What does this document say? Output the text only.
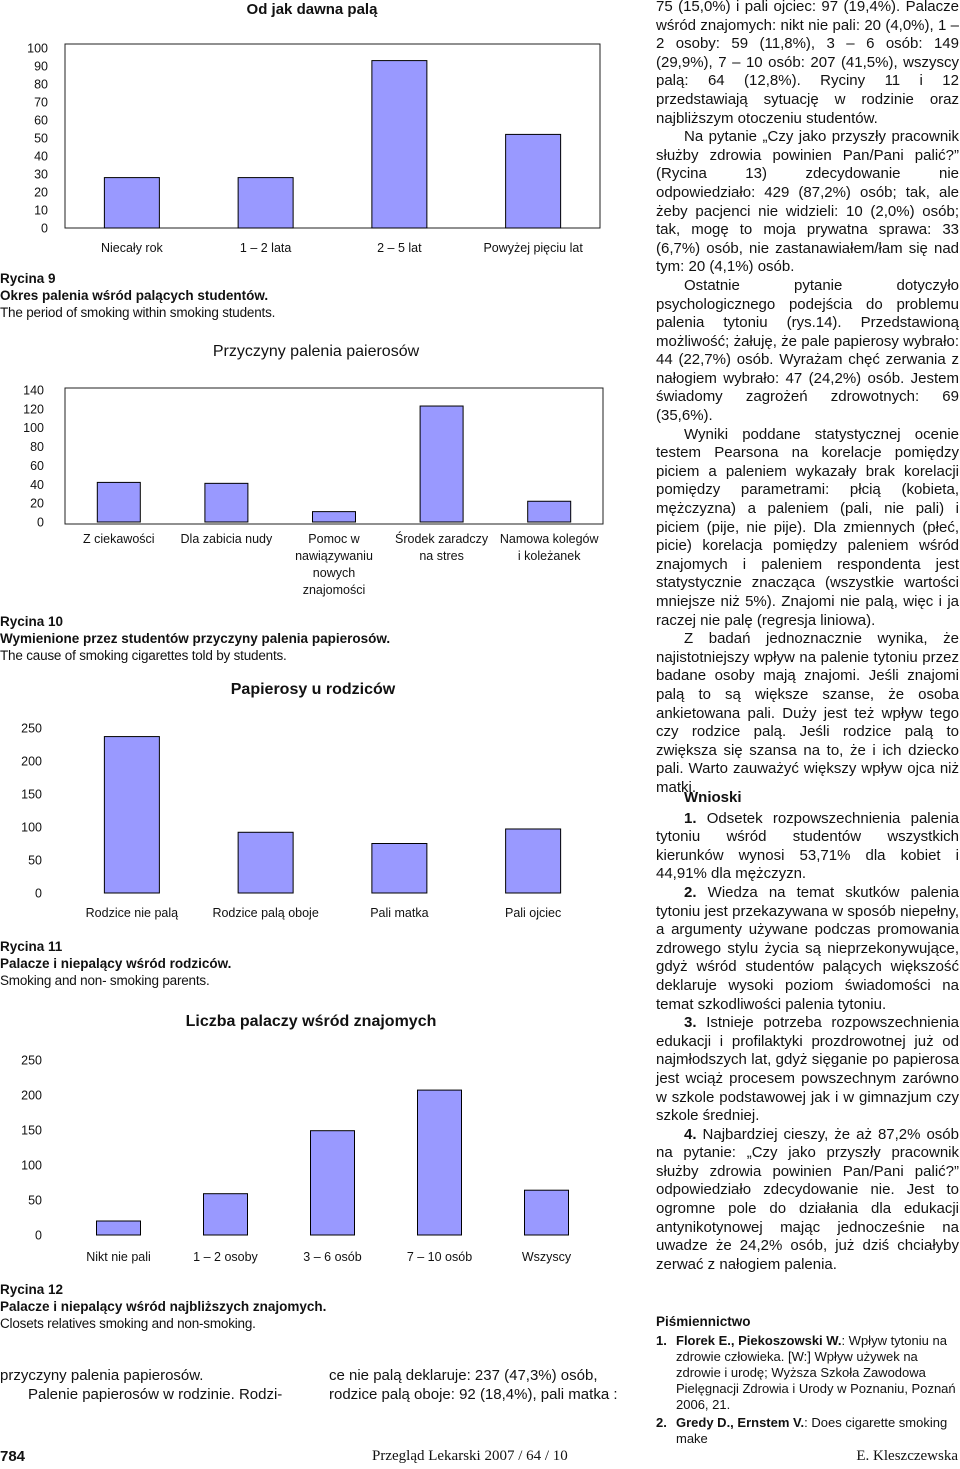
Od jak dawna palą
0
10
20
30
40
50
60
70
80
90
100
Niecały rok	1 – 2 lata	2 – 5 lat	Powyżej pięciu lat
Rycina 9
Okres palenia wśród palących studentów.
The period of smoking within smoking students.
Przyczyny palenia paierosów
0
20
40
60
80
100
120
140
Z ciekawości Dla zabicia nudy	Pomoc w
nawiązywaniu
nowych
znajomości
Środek zaradczy
na stres
Namowa kolegów
i koleżanek
Rycina 10
Wymienione przez studentów przyczyny palenia papierosów.
The cause of smoking cigarettes told by students.
Papierosy u rodziców
0
50
100
150
200
250
Rodzice nie palą	Rodzice palą oboje	Pali matka	Pali ojciec
Rycina 11
Palacze i niepalący wśród rodziców.
Smoking and non- smoking parents.
Liczba palaczy wśród znajomych
0
50
100
150
200
250
Nikt nie pali	1 – 2 osoby	3 – 6 osób	7 – 10 osób	Wszyscy
Rycina 12
Palacze i niepalący wśród najbliższych znajomych.
Closets relatives smoking and non-smoking.
przyczyny palenia papierosów.
Palenie papierosów w rodzinie. Rodzi-
ce nie palą deklaruje: 237 (47,3%) osób,
rodzice palą oboje: 92 (18,4%), pali matka :

75 (15,0%) i pali ojciec: 97 (19,4%). Palacze wśród znajomych: nikt nie pali: 20 (4,0%), 1 – 2 osoby: 59 (11,8%), 3 – 6 osób: 149 (29,9%), 7 – 10 osób: 207 (41,5%), wszyscy palą: 64 (12,8%). Ryciny 11 i 12 przedstawiają sytuację w rodzinie oraz najbliższym otoczeniu studentów.

Na pytanie „Czy jako przyszły pracownik służby zdrowia powinien Pan/Pani palić?” (Rycina 13) zdecydowanie nie odpowiedziało: 429 (87,2%) osób; tak, ale żeby pacjenci nie widzieli: 10 (2,0%) osób; tak, mogę to moja prywatna sprawa: 33 (6,7%) osób, nie zastanawiałem/łam się nad tym: 20 (4,1%) osób.

Ostatnie pytanie dotyczyło psychologicznego podejścia do problemu palenia tytoniu (rys.14). Przedstawioną możliwość; żałuję, że pale papierosy wybrało: 44 (22,7%) osób. Wyrażam chęć zerwania z nałogiem wybrało: 47 (24,2%) osób. Jestem świadomy zagrożeń zdrowotnych: 69 (35,6%).

Wyniki poddane statystycznej ocenie testem Pearsona na korelacje pomiędzy piciem a paleniem wykazały brak korelacji pomiędzy parametrami: płcią (kobieta, mężczyzna) a paleniem (pali, nie pali) i piciem (pije, nie pije). Dla zmiennych (płeć, picie) korelacja pomiędzy paleniem wśród znajomych i paleniem respondenta jest statystycznie znacząca (wszystkie wartości mniejsze niż 5%). Znajomi nie palą, więc i ja raczej nie palę (regresja liniowa).

Z badań jednoznacznie wynika, że najistotniejszy wpływ na palenie tytoniu przez badane osoby mają znajomi. Jeśli znajomi palą to są większe szanse, że osoba ankietowana pali. Duży jest też wpływ tego czy rodzice palą. Jeśli rodzice palą to zwiększa się szansa na to, że i ich dziecko pali. Warto zauważyć większy wpływ ojca niż matki.

Wnioski

1. Odsetek rozpowszechnienia palenia tytoniu wśród studentów wszystkich kierunków wynosi 53,71% dla kobiet i 44,91% dla mężczyzn.

2. Wiedza na temat skutków palenia tytoniu jest przekazywana w sposób niepełny, a argumenty używane podczas promowania zdrowego stylu życia są nieprzekonywujące, gdyż wśród studentów palących większość deklaruje wysoki poziom świadomości na temat szkodliwości palenia tytoniu.

3. Istnieje potrzeba rozpowszechnienia edukacji i profilaktyki prozdrowotnej już od najmłodszych lat, gdyż sięganie po papierosa jest wciąż procesem powszechnym zarówno w szkole podstawowej jak i w gimnazjum czy szkole średniej.

4. Najbardziej cieszy, że aż 87,2% osób na pytanie: „Czy jako przyszły pracownik służby zdrowia powinien Pan/Pani palić?” odpowiedziało zdecydowanie nie. Jest to ogromne pole do działania dla edukacji antynikotynowej mając jednocześnie na uwadze że 24,2% osób, już dziś chciałyby zerwać z nałogiem palenia.

Piśmiennictwo
1. Florek E., Piekoszowski W.: Wpływ tytoniu na zdrowie człowieka. [W:] Wpływ używek na zdrowie i urodę; Wyższa Szkoła Zawodowa Pielęgnacji Zdrowia i Urody w Poznaniu, Poznań 2006, 21.
2. Gredy D., Ernstem V.: Does cigarette smoking make
784	Przegląd Lekarski 2007 / 64 / 10	E. Kleszczewska
